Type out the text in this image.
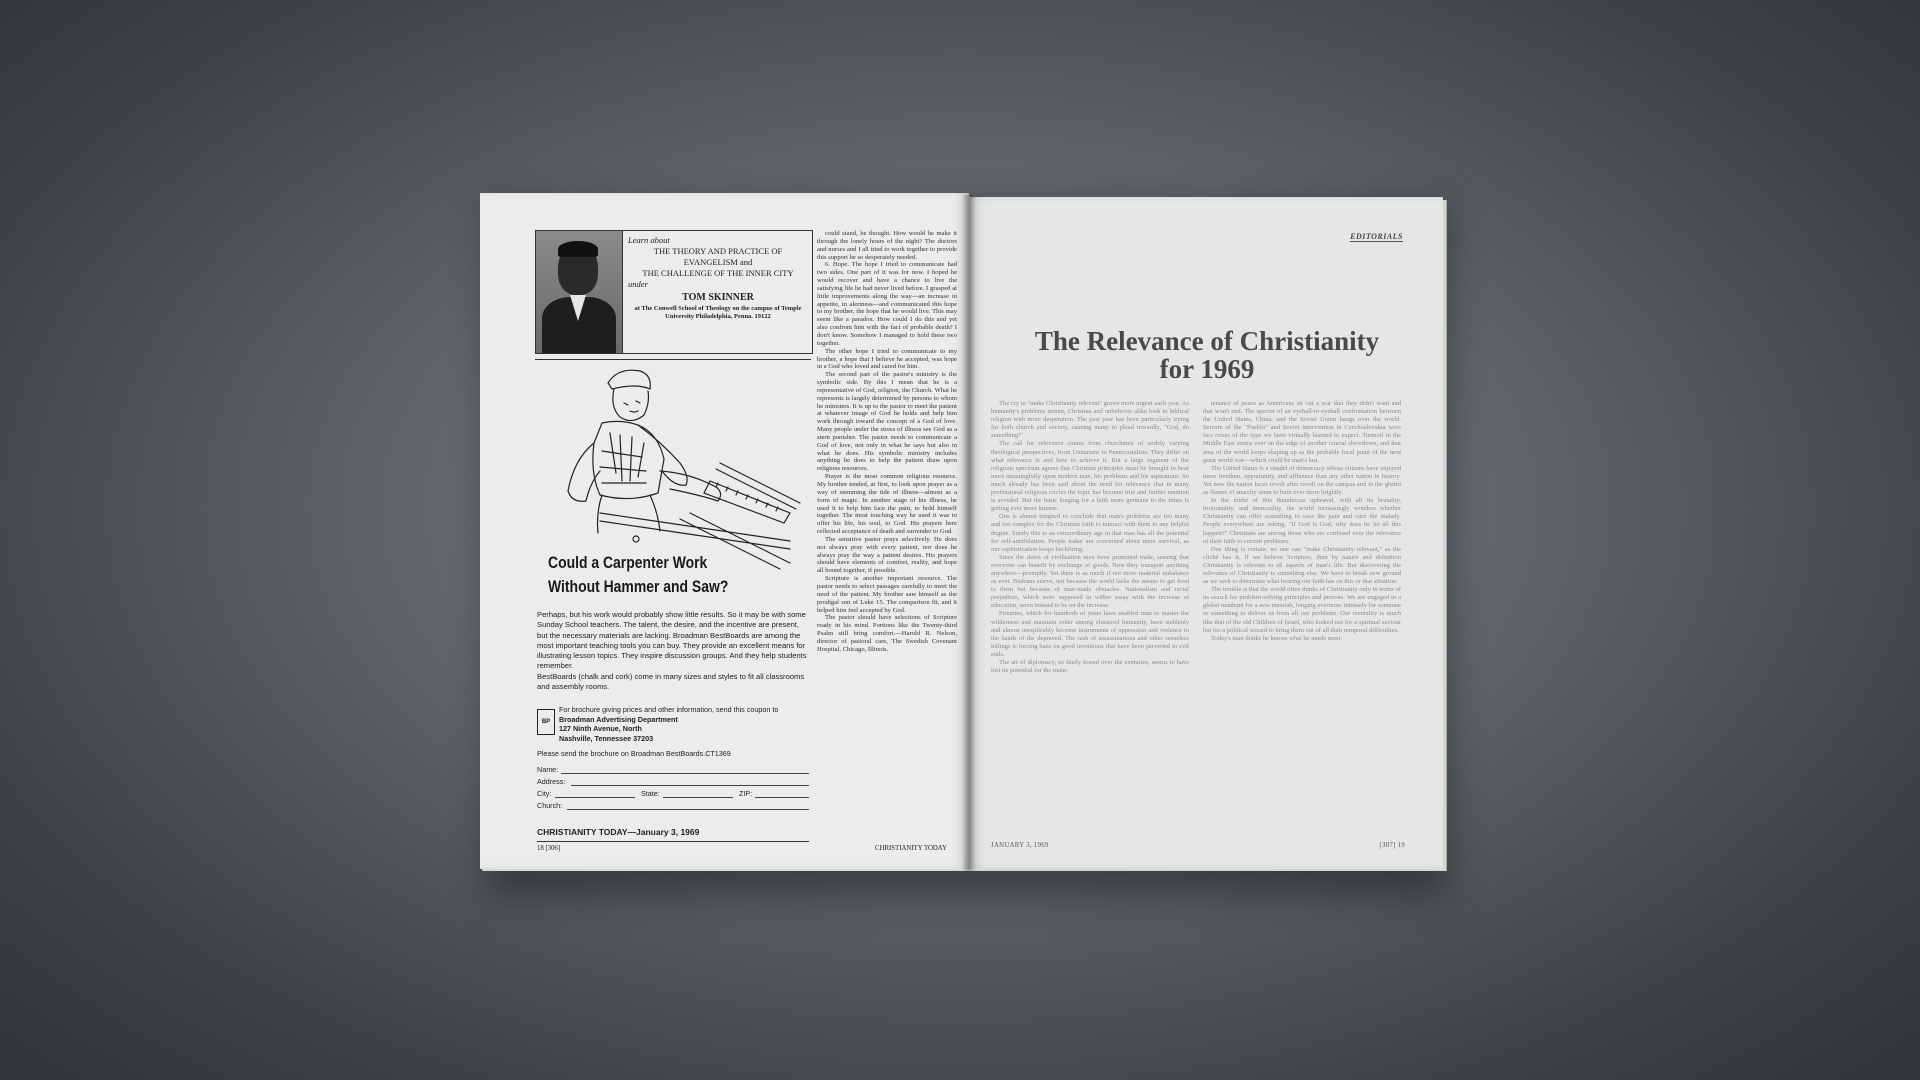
Learn about
THE THEORY AND PRACTICE OF EVANGELISM and
THE CHALLENGE OF THE INNER CITY
under
TOM SKINNER
at The Conwell School of Theology on the campus of Temple University Philadelphia, Penna. 19122
Could a Carpenter Work
Without Hammer and Saw?

Perhaps, but his work would probably show little results. So it may be with some Sunday School teachers. The talent, the desire, and the incentive are present, but the necessary materials are lacking. Broadman BestBoards are among the most important teaching tools you can buy. They provide an excellent means for illustrating lesson topics. They inspire discussion groups. And they help students remember.

BestBoards (chalk and cork) come in many sizes and styles to fit all classrooms and assembly rooms.

BP
For brochure giving prices and other information, send this coupon to
Broadman Advertising Department
127 Ninth Avenue, North
Nashville, Tennessee 37203
Please send the brochure on Broadman BestBoards.CT1369
Name:
Address:
City:	State:	ZIP:
Church:
CHRISTIANITY TODAY—January 3, 1969
18 [306]	CHRISTIANITY TODAY

could stand, he thought. How would he make it through the lonely hours of the night? The doctors and nurses and I all tried to work together to provide this support he so desperately needed.

6. Hope. The hope I tried to communicate had two sides. One part of it was for now. I hoped he would recover and have a chance to live the satisfying life he had never lived before. I grasped at little improvements along the way—an increase in appetite, in alertness—and communicated this hope to my brother, the hope that he would live. This may seem like a paradox. How could I do this and yet also confront him with the fact of probable death? I don't know. Somehow I managed to hold these two together.

The other hope I tried to communicate to my brother, a hope that I believe he accepted, was hope in a God who loved and cared for him.

The second part of the pastor's ministry is the symbolic side. By this I mean that he is a representative of God, religion, the Church. What he represents is largely determined by persons to whom he ministers. It is up to the pastor to meet the patient at whatever image of God he holds and help him work through toward the concept of a God of love. Many people under the stress of illness see God as a stern punisher. The pastor needs to communicate a God of love, not only in what he says but also in what he does. His symbolic ministry includes anything he does to help the patient draw upon religious resources.

Prayer is the most common religious resource. My brother tended, at first, to look upon prayer as a way of stemming the tide of illness—almost as a form of magic. In another stage of his illness, he used it to help him face the pain, to hold himself together. The most touching way he used it was to offer his life, his soul, to God. His prayers here reflected acceptance of death and surrender to God.

The sensitive pastor prays selectively. He does not always pray with every patient, nor does he always pray the way a patient desires. His prayers should have elements of comfort, reality, and hope all bound together, if possible.

Scripture is another important resource. The pastor needs to select passages carefully to meet the need of the patient. My brother saw himself as the prodigal son of Luke 15. The comparison fit, and it helped him feel accepted by God.

The pastor should have selections of Scripture ready in his mind. Portions like the Twenty-third Psalm still bring comfort.—Harold R. Nelson, director of pastoral care, The Swedish Covenant Hospital, Chicago, Illinois.

EDITORIALS
The Relevance of Christianity
for 1969

The cry to "make Christianity relevant" grows more urgent each year. As humanity's problems mount, Christian and unbeliever alike look to biblical religion with more desperation. The past year has been particularly trying for both church and society, causing many to plead inwardly, "God, do something!"

The call for relevance comes from churchmen of widely varying theological perspectives, from Unitarians to Pentecostalists. They differ on what relevance is and how to achieve it. But a large segment of the religious spectrum agrees that Christian principles must be brought to bear more meaningfully upon modern man, his problems and his aspirations. So much already has been said about the need for relevance that in many professional religious circles the topic has become trite and further mention is avoided. But the basic longing for a faith more germane to the times is getting ever more intense.

One is almost tempted to conclude that man's problems are too many and too complex for the Christian faith to interact with them to any helpful degree. Surely this is an extraordinary age in that man has all the potential for self-annihilation. People today are concerned about mere survival, as our sophistication keeps backfiring.

Since the dawn of civilization men have promoted trade, sensing that everyone can benefit by exchange of goods. Now they transport anything anywhere—promptly. Yet there is as much if not more material imbalance as ever. Biafrans starve, not because the world lacks the means to get food to them but because of man-made obstacles. Nationalism and racial prejudices, which were supposed to wither away with the increase of education, seem instead to be on the increase.

Firearms, which for hundreds of years have enabled man to master the wilderness and maintain order among clustered humanity, have suddenly and almost inexplicably become instruments of oppression and violence in the hands of the depraved. The rash of assassinations and other senseless killings is forcing bans on good inventions that have been perverted to evil ends.

The art of diplomacy, so finely honed over the centuries, seems to have lost its potential for the main-

tenance of peace as Americans sit out a war that they didn't want and that won't end. The specter of an eyeball-to-eyeball confrontation between the United States, China, and the Soviet Union hangs over the world. Seizure of the "Pueblo" and Soviet intervention in Czechoslovakia were two crises of the type we have virtually learned to expect. Turmoil in the Middle East seems ever on the edge of another crucial showdown, and that area of the world keeps shaping up as the probable focal point of the next great world war—which could be man's last.

The United States is a citadel of democracy whose citizens have enjoyed more freedom, opportunity, and affluence than any other nation in history. Yet now the nation faces revolt after revolt on the campus and in the ghetto as flames of anarchy seem to burn ever more brightly.

In the midst of this thunderous upheaval, with all its brutality, irrationality, and immorality, the world increasingly wonders whether Christianity can offer something to ease the pain and cure the malady. People everywhere are asking, "If God is God, why does he let all this happen?" Christians are among those who are confused over the relevance of their faith to current problems.

One thing is certain: no one can "make Christianity relevant," as the cliché has it. If we believe Scripture, then by nature and definition Christianity is relevant to all aspects of man's life. But discovering the relevance of Christianity is something else. We have to break new ground as we seek to determine what bearing our faith has on this or that situation.

The trouble is that the world often thinks of Christianity only in terms of its search for problem-solving principles and persons. We are engaged in a global manhunt for a new messiah, longing evermore intensely for someone or something to deliver us from all our problems. Our mentality is much like that of the old Children of Israel, who looked not for a spiritual saviour but for a political wizard to bring them out of all their temporal difficulties.

Today's man thinks he knows what he needs most:

JANUARY 3, 1969	[307] 19
